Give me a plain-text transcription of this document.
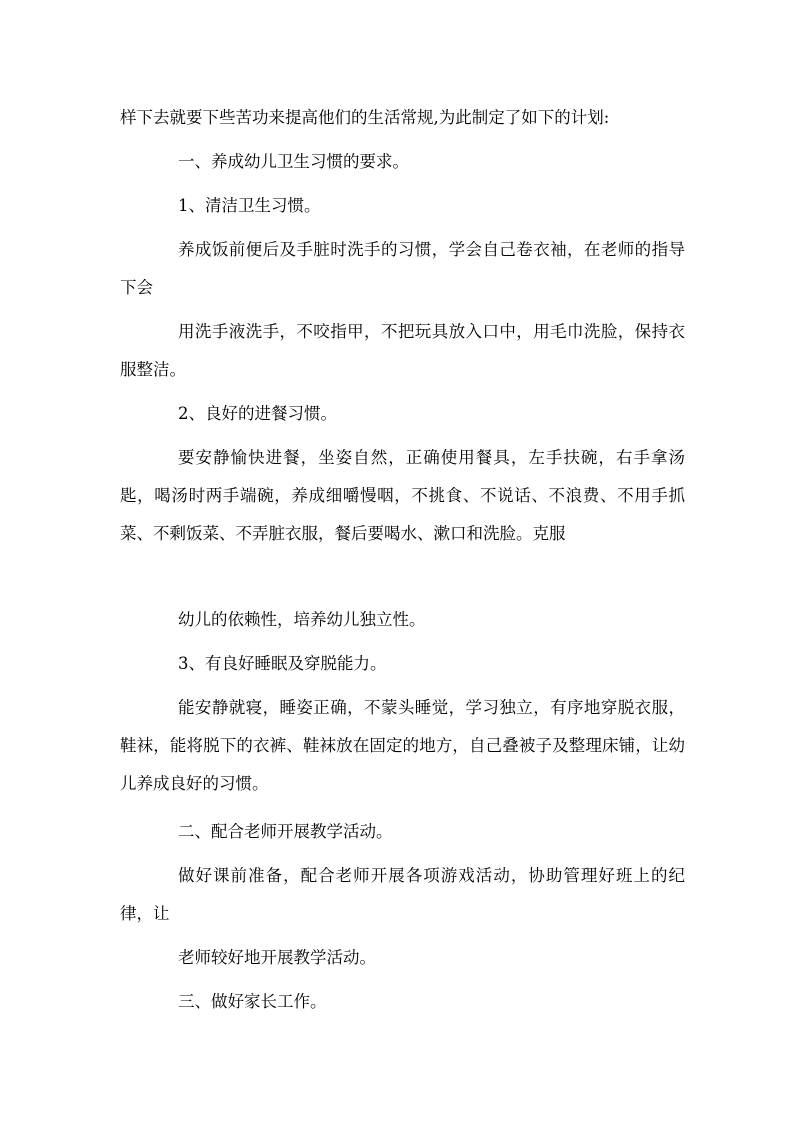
样下去就要下些苦功来提高他们的生活常规,为此制定了如下的计划:

一、养成幼儿卫生习惯的要求。

1、清洁卫生习惯。

养成饭前便后及手脏时洗手的习惯，学会自己卷衣袖，在老师的指导下会

用洗手液洗手，不咬指甲，不把玩具放入口中，用毛巾洗脸，保持衣服整洁。

2、良好的进餐习惯。

要安静愉快进餐，坐姿自然，正确使用餐具，左手扶碗，右手拿汤匙，喝汤时两手端碗，养成细嚼慢咽，不挑食、不说话、不浪费、不用手抓菜、不剩饭菜、不弄脏衣服，餐后要喝水、漱口和洗脸。克服

幼儿的依赖性，培养幼儿独立性。

3、有良好睡眠及穿脱能力。

能安静就寝，睡姿正确，不蒙头睡觉，学习独立，有序地穿脱衣服，鞋袜，能将脱下的衣裤、鞋袜放在固定的地方，自己叠被子及整理床铺，让幼儿养成良好的习惯。

二、配合老师开展教学活动。

做好课前准备，配合老师开展各项游戏活动，协助管理好班上的纪律，让

老师较好地开展教学活动。

三、做好家长工作。
